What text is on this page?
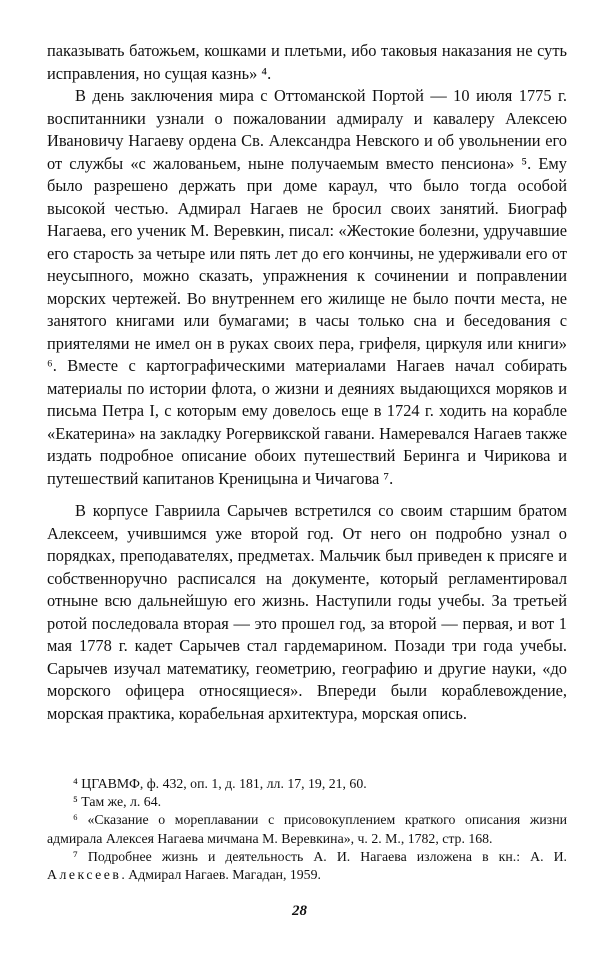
пaказывать батожьем, кошками и плетьми, ибо таковыя наказания не суть исправления, но сущая казнь» ⁴.

В день заключения мира с Оттоманской Портой — 10 июля 1775 г. воспитанники узнали о пожаловании адмиралу и кавалеру Алексею Ивановичу Нагаеву ордена Св. Александра Невского и об увольнении его от службы «с жалованьем, ныне получаемым вместо пенсиона» ⁵. Ему было разрешено держать при доме караул, что было тогда особой высокой честью. Адмирал Нагаев не бросил своих занятий. Биограф Нагаева, его ученик М. Веревкин, писал: «Жестокие болезни, удручавшие его старость за четыре или пять лет до его кончины, не удерживали его от неусыпного, можно сказать, упражнения к сочинении и поправлении морских чертежей. Во внутреннем его жилище не было почти места, не занятого книгами или бумагами; в часы только сна и беседования с приятелями не имел он в руках своих пера, грифеля, циркуля или книги» ⁶. Вместе с картографическими материалами Нагаев начал собирать материалы по истории флота, о жизни и деяниях выдающихся моряков и письма Петра I, с которым ему довелось еще в 1724 г. ходить на корабле «Екатерина» на закладку Рогервикской гавани. Намеревался Нагаев также издать подробное описание обоих путешествий Беринга и Чирикова и путешествий капитанов Креницына и Чичагова ⁷.

В корпусе Гавриила Сарычев встретился со своим старшим братом Алексеем, учившимся уже второй год. От него он подробно узнал о порядках, преподавателях, предметах. Мальчик был приведен к присяге и собственноручно расписался на документе, который регламентировал отныне всю дальнейшую его жизнь. Наступили годы учебы. За третьей ротой последовала вторая — это прошел год, за второй — первая, и вот 1 мая 1778 г. кадет Сарычев стал гардемарином. Позади три года учебы. Сарычев изучал математику, геометрию, географию и другие науки, «до морского офицера относящиеся». Впереди были кораблевождение, морская практика, корабельная архитектура, морская опись.

⁴ ЦГАВМФ, ф. 432, оп. 1, д. 181, лл. 17, 19, 21, 60.

⁵ Там же, л. 64.

⁶ «Сказание о мореплавании с присовокуплением краткого описания жизни адмирала Алексея Нагаева мичмана М. Веревкина», ч. 2. М., 1782, стр. 168.

⁷ Подробнее жизнь и деятельность А. И. Нагаева изложена в кн.: А. И. Алексеев. Адмирал Нагаев. Магадан, 1959.

28
